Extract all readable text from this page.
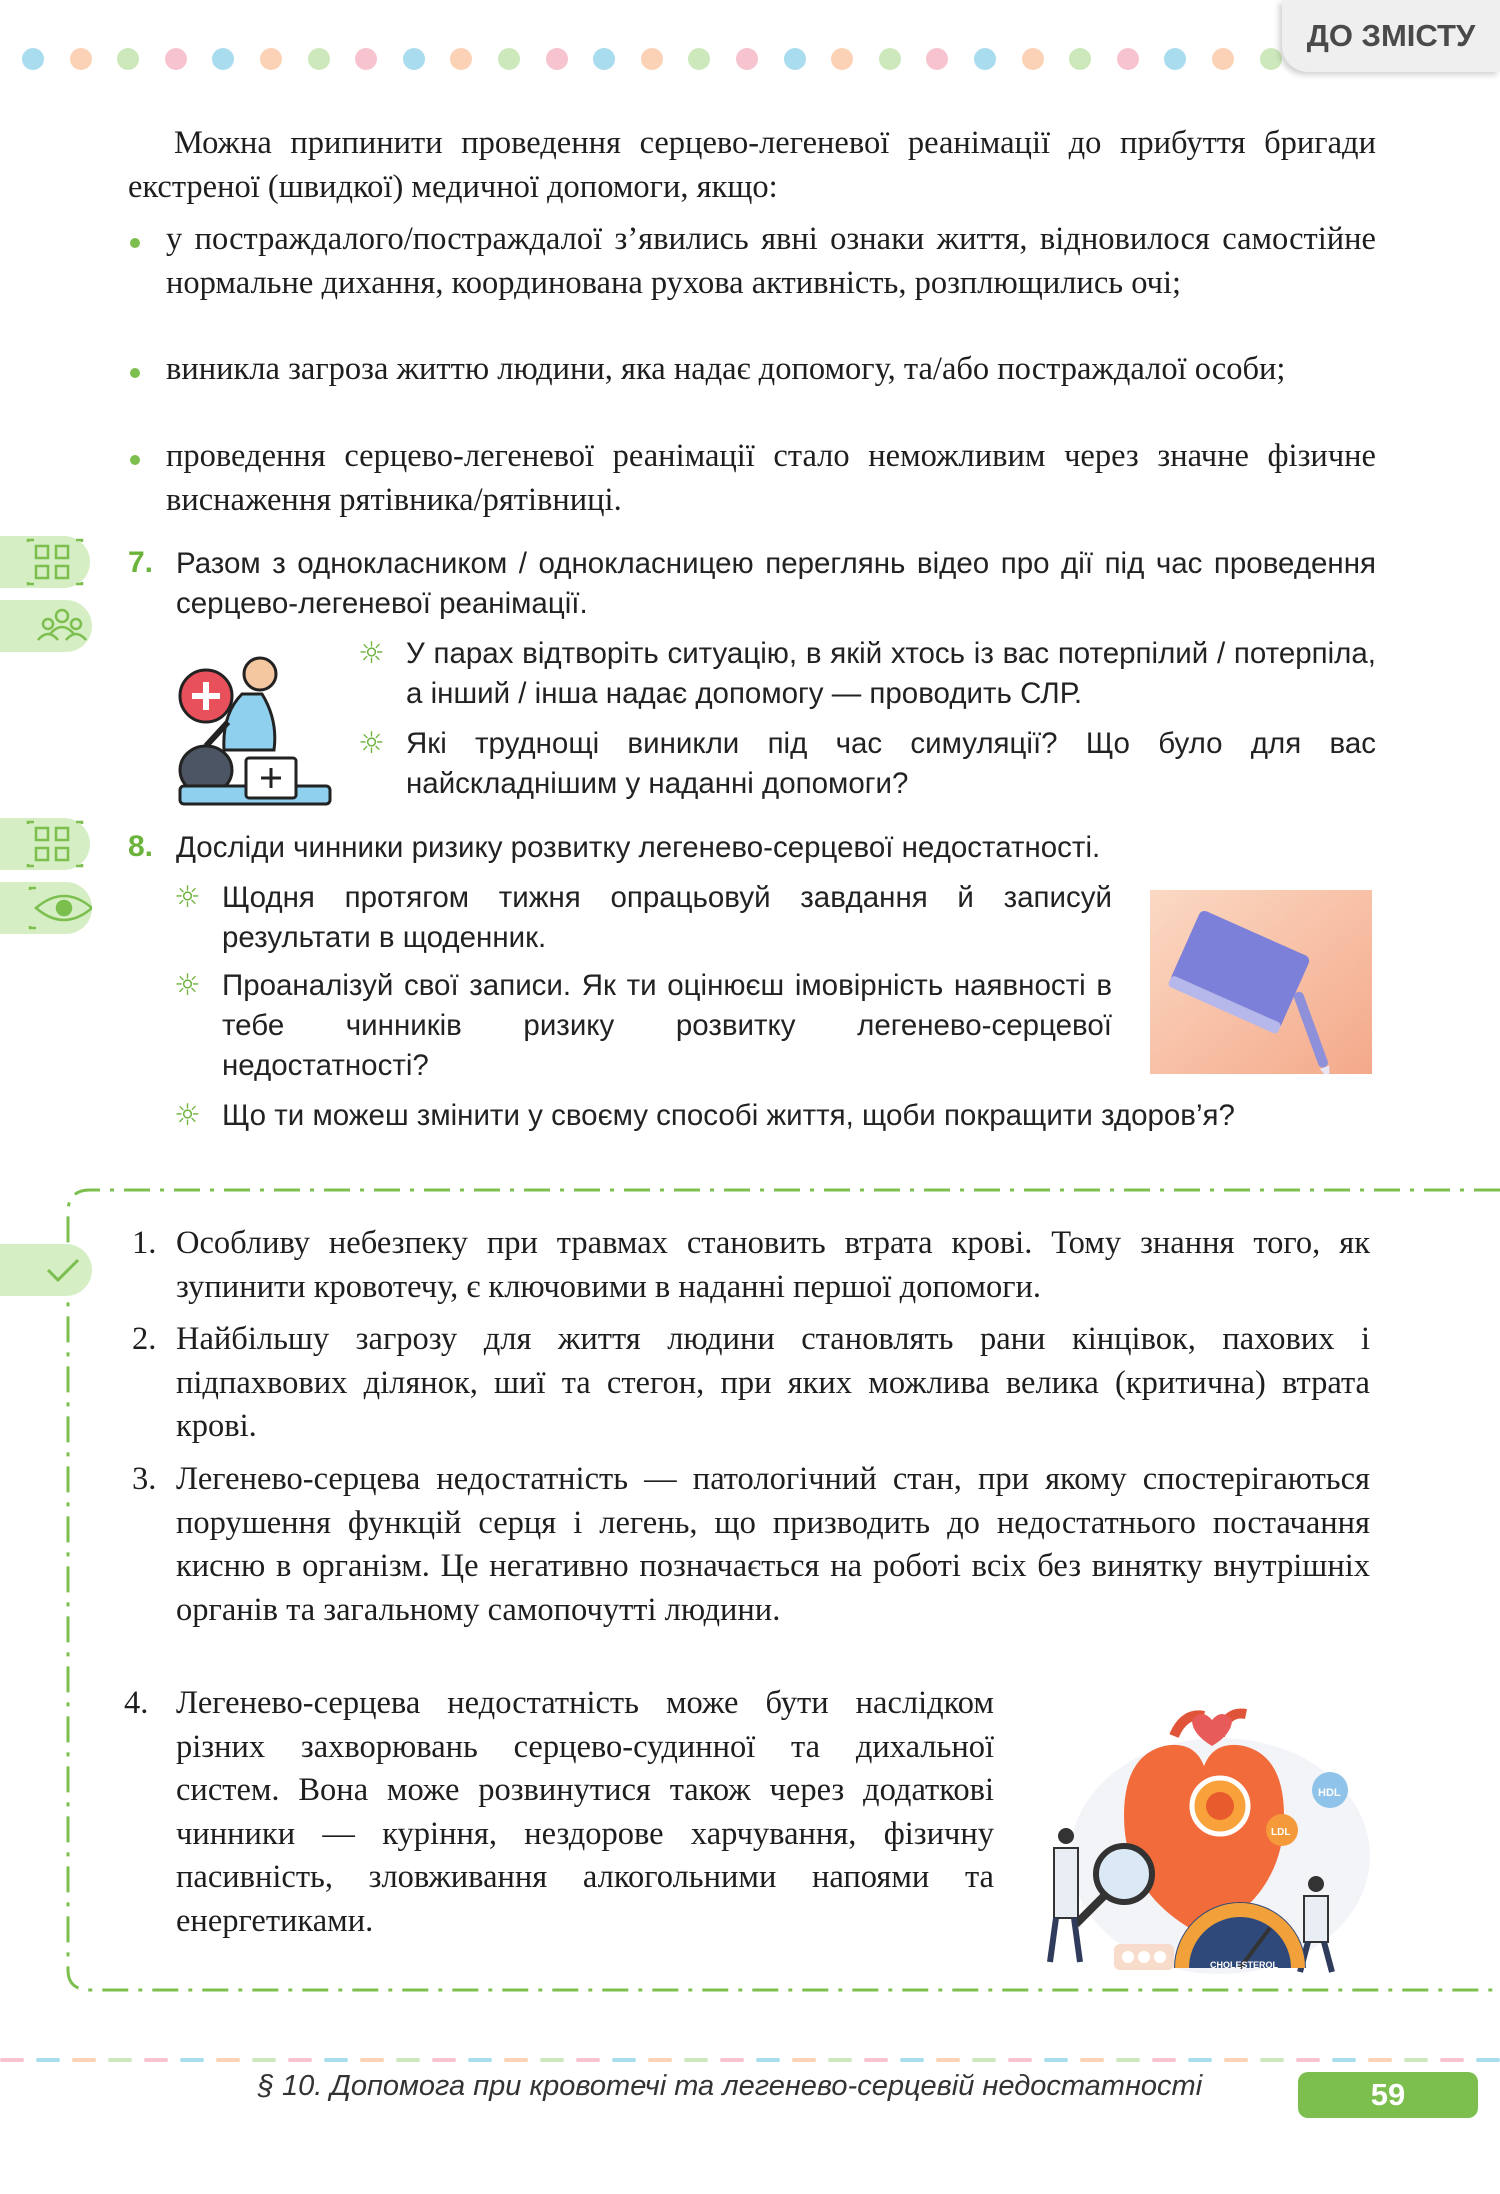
ДО ЗМІСТУ
Можна припинити проведення серцево-легеневої реанімації до прибуття бригади екстреної (швидкої) медичної допомоги, якщо:
у постраждалого/постраждалої з’явились явні ознаки життя, відновилося самостійне нормальне дихання, координована рухова активність, розплющились очі;
виникла загроза життю людини, яка надає допомогу, та/або постраждалої особи;
проведення серцево-легеневої реанімації стало неможливим через значне фізичне виснаження рятівника/рятівниці.
7. Разом з однокласником / однокласницею переглянь відео про дії під час проведення серцево-легеневої реанімації.
☼ У парах відтворіть ситуацію, в якій хтось із вас потерпілий / потерпіла, а інший / інша надає допомогу — проводить СЛР.
☼ Які труднощі виникли під час симуляції? Що було для вас найскладнішим у наданні допомоги?
8. Досліди чинники ризику розвитку легенево-серцевої недостатності.
☼ Щодня протягом тижня опрацьовуй завдання й записуй результати в щоденник.
☼ Проаналізуй свої записи. Як ти оцінюєш імовірність наявності в тебе чинників ризику розвитку легенево-серцевої недостатності?
☼ Що ти можеш змінити у своєму способі життя, щоби покращити здоров’я?
1. Особливу небезпеку при травмах становить втрата крові. Тому знання того, як зупинити кровотечу, є ключовими в наданні першої допомоги.
2. Найбільшу загрозу для життя людини становлять рани кінцівок, пахових і підпахвових ділянок, шиї та стегон, при яких можлива велика (критична) втрата крові.
3. Легенево-серцева недостатність — патологічний стан, при якому спостерігаються порушення функцій серця і легень, що призводить до недостатнього постачання кисню в організм. Це негативно позначається на роботі всіх без винятку внутрішніх органів та загальному самопочутті людини.
4. Легенево-серцева недостатність може бути наслідком різних захворювань серцево-судинної та дихальної систем. Вона може розвинутися також через додаткові чинники — куріння, нездорове харчування, фізичну пасивність, зловживання алкогольними напоями та енергетиками.
HDL
LDL
CHOLESTEROL
§ 10. Допомога при кровотечі та легенево-серцевій недостатності	59
